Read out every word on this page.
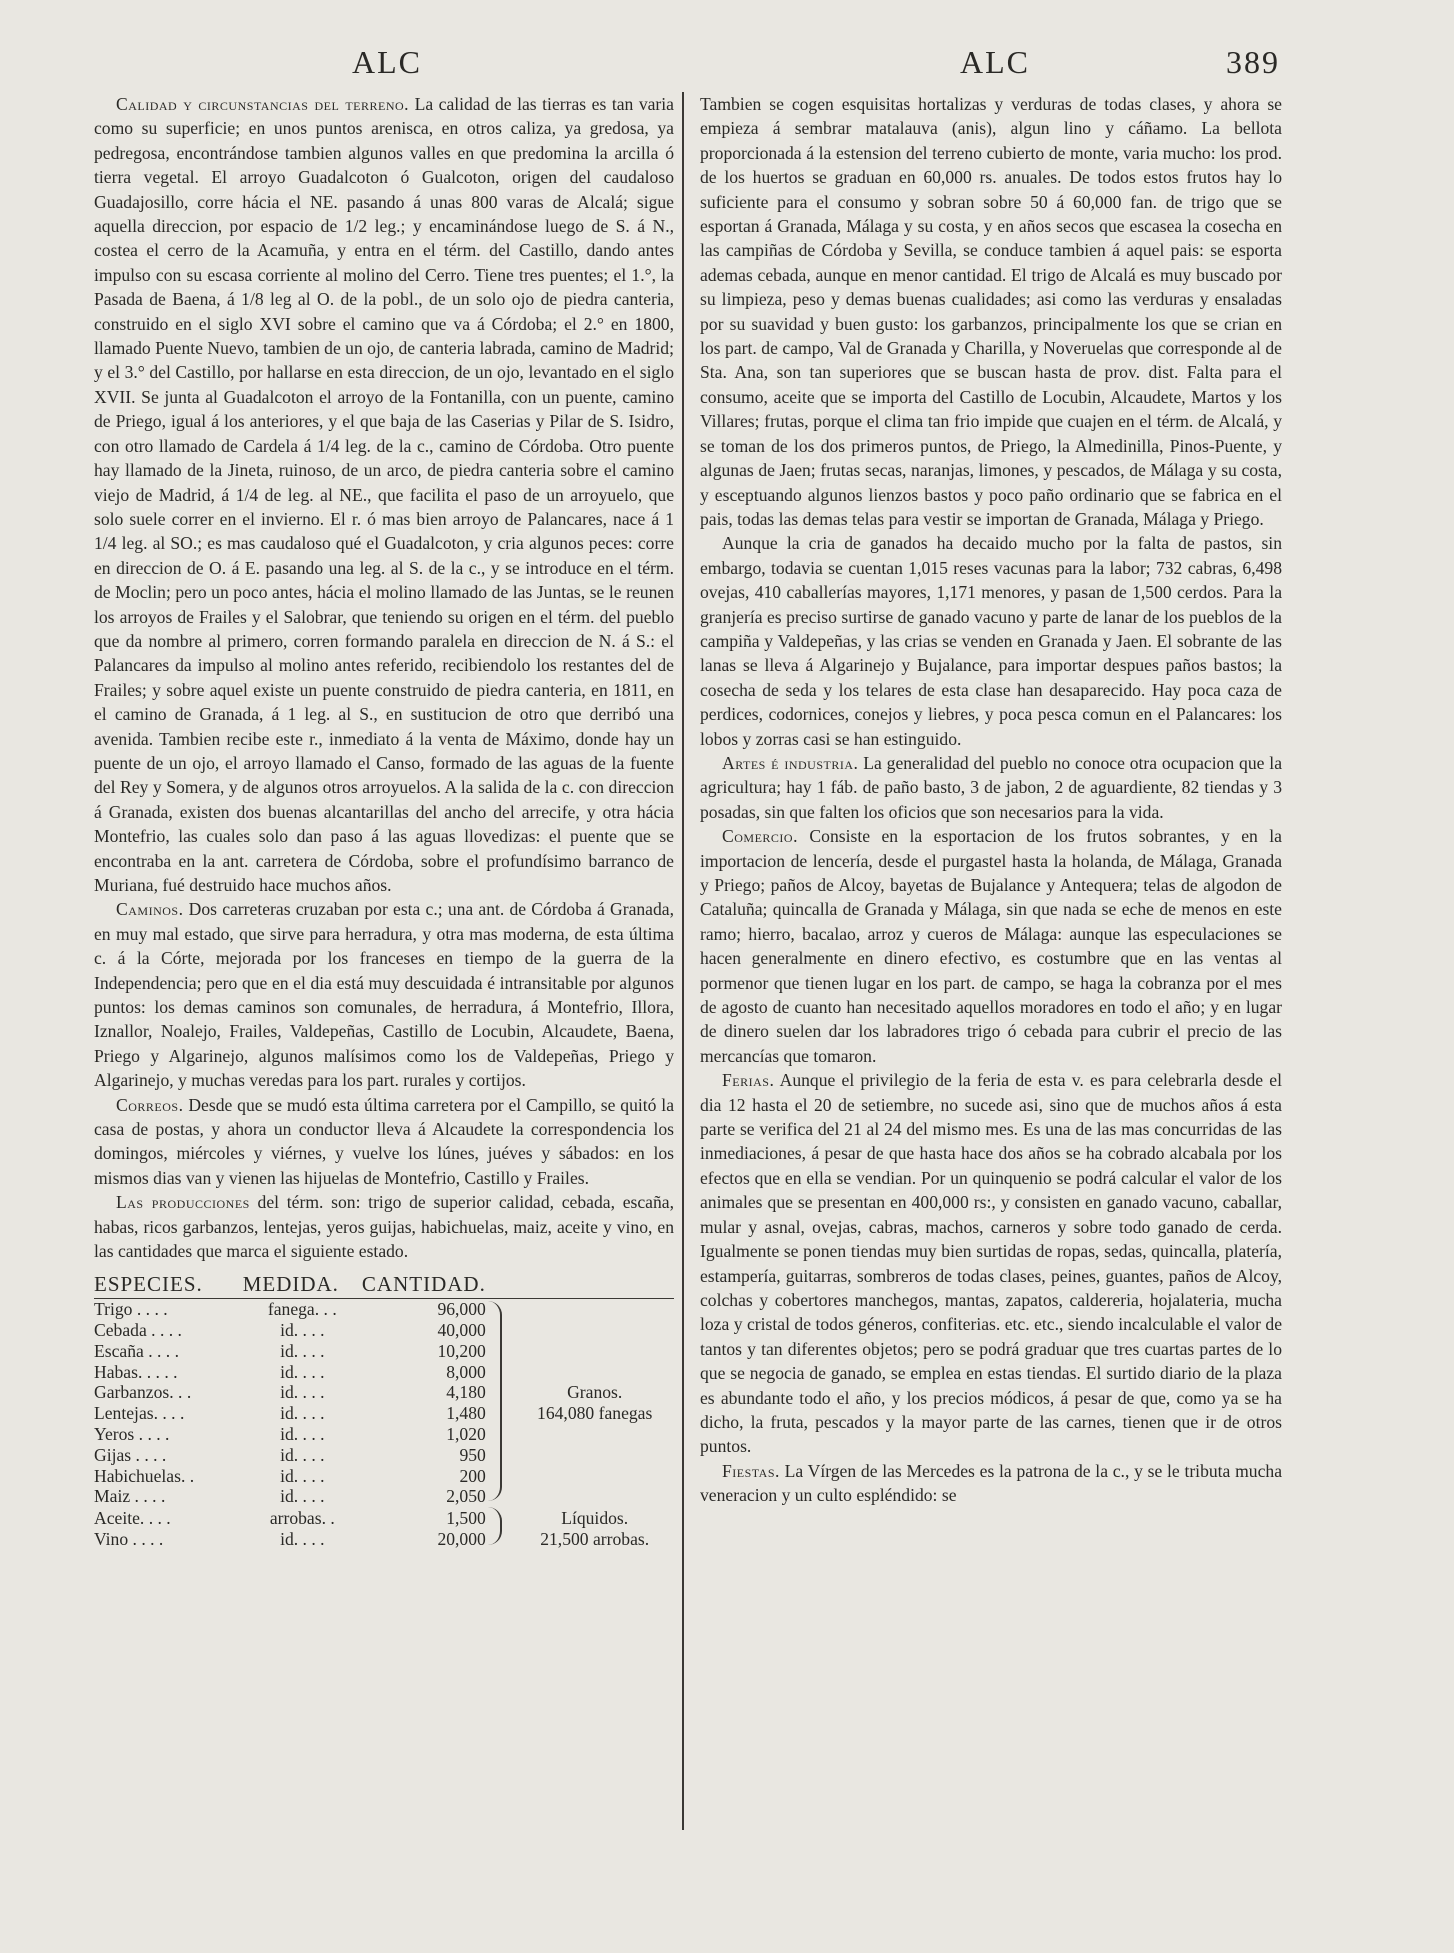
ALC	ALC	389

Calidad y circunstancias del terreno. La calidad de las tierras es tan varia como su superficie; en unos puntos arenisca, en otros caliza, ya gredosa, ya pedregosa, encontrándose tambien algunos valles en que predomina la arcilla ó tierra vegetal. El arroyo Guadalcoton ó Gualcoton, origen del caudaloso Guadajosillo, corre hácia el NE. pasando á unas 800 varas de Alcalá; sigue aquella direccion, por espacio de 1/2 leg.; y encaminándose luego de S. á N., costea el cerro de la Acamuña, y entra en el térm. del Castillo, dando antes impulso con su escasa corriente al molino del Cerro. Tiene tres puentes; el 1.°, la Pasada de Baena, á 1/8 leg al O. de la pobl., de un solo ojo de piedra canteria, construido en el siglo XVI sobre el camino que va á Córdoba; el 2.° en 1800, llamado Puente Nuevo, tambien de un ojo, de canteria labrada, camino de Madrid; y el 3.° del Castillo, por hallarse en esta direccion, de un ojo, levantado en el siglo XVII. Se junta al Guadalcoton el arroyo de la Fontanilla, con un puente, camino de Priego, igual á los anteriores, y el que baja de las Caserias y Pilar de S. Isidro, con otro llamado de Cardela á 1/4 leg. de la c., camino de Córdoba. Otro puente hay llamado de la Jineta, ruinoso, de un arco, de piedra canteria sobre el camino viejo de Madrid, á 1/4 de leg. al NE., que facilita el paso de un arroyuelo, que solo suele correr en el invierno. El r. ó mas bien arroyo de Palancares, nace á 1 1/4 leg. al SO.; es mas caudaloso qué el Guadalcoton, y cria algunos peces: corre en direccion de O. á E. pasando una leg. al S. de la c., y se introduce en el térm. de Moclin; pero un poco antes, hácia el molino llamado de las Juntas, se le reunen los arroyos de Frailes y el Salobrar, que teniendo su origen en el térm. del pueblo que da nombre al primero, corren formando paralela en direccion de N. á S.: el Palancares da impulso al molino antes referido, recibiendolo los restantes del de Frailes; y sobre aquel existe un puente construido de piedra canteria, en 1811, en el camino de Granada, á 1 leg. al S., en sustitucion de otro que derribó una avenida. Tambien recibe este r., inmediato á la venta de Máximo, donde hay un puente de un ojo, el arroyo llamado el Canso, formado de las aguas de la fuente del Rey y Somera, y de algunos otros arroyuelos. A la salida de la c. con direccion á Granada, existen dos buenas alcantarillas del ancho del arrecife, y otra hácia Montefrio, las cuales solo dan paso á las aguas llovedizas: el puente que se encontraba en la ant. carretera de Córdoba, sobre el profundísimo barranco de Muriana, fué destruido hace muchos años.

Caminos. Dos carreteras cruzaban por esta c.; una ant. de Córdoba á Granada, en muy mal estado, que sirve para herradura, y otra mas moderna, de esta última c. á la Córte, mejorada por los franceses en tiempo de la guerra de la Independencia; pero que en el dia está muy descuidada é intransitable por algunos puntos: los demas caminos son comunales, de herradura, á Montefrio, Illora, Iznallor, Noalejo, Frailes, Valdepeñas, Castillo de Locubin, Alcaudete, Baena, Priego y Algarinejo, algunos malísimos como los de Valdepeñas, Priego y Algarinejo, y muchas veredas para los part. rurales y cortijos.

Correos. Desde que se mudó esta última carretera por el Campillo, se quitó la casa de postas, y ahora un conductor lleva á Alcaudete la correspondencia los domingos, miércoles y viérnes, y vuelve los lúnes, juéves y sábados: en los mismos dias van y vienen las hijuelas de Montefrio, Castillo y Frailes.

Las producciones del térm. son: trigo de superior calidad, cebada, escaña, habas, ricos garbanzos, lentejas, yeros guijas, habichuelas, maiz, aceite y vino, en las cantidades que marca el siguiente estado.

ESPECIES.	MEDIDA.	CANTIDAD.		
Trigo . . . .	fanega. . .	96,000		Granos.
164,080 fanegas

Cebada . . . .	id. . . .	40,000		
Escaña . . . .	id. . . .	10,200		
Habas. . . . .	id. . . .	8,000		
Garbanzos. . .	id. . . .	4,180		
Lentejas. . . .	id. . . .	1,480		
Yeros . . . .	id. . . .	1,020		
Gijas . . . .	id. . . .	950		
Habichuelas. .	id. . . .	200		
Maiz . . . .	id. . . .	2,050		
Aceite. . . .	arrobas. .	1,500		Líquidos.
21,500 arrobas.

Vino . . . .	id. . . .	20,000		

Tambien se cogen esquisitas hortalizas y verduras de todas clases, y ahora se empieza á sembrar matalauva (anis), algun lino y cáñamo. La bellota proporcionada á la estension del terreno cubierto de monte, varia mucho: los prod. de los huertos se graduan en 60,000 rs. anuales. De todos estos frutos hay lo suficiente para el consumo y sobran sobre 50 á 60,000 fan. de trigo que se esportan á Granada, Málaga y su costa, y en años secos que escasea la cosecha en las campiñas de Córdoba y Sevilla, se conduce tambien á aquel pais: se esporta ademas cebada, aunque en menor cantidad. El trigo de Alcalá es muy buscado por su limpieza, peso y demas buenas cualidades; asi como las verduras y ensaladas por su suavidad y buen gusto: los garbanzos, principalmente los que se crian en los part. de campo, Val de Granada y Charilla, y Noveruelas que corresponde al de Sta. Ana, son tan superiores que se buscan hasta de prov. dist. Falta para el consumo, aceite que se importa del Castillo de Locubin, Alcaudete, Martos y los Villares; frutas, porque el clima tan frio impide que cuajen en el térm. de Alcalá, y se toman de los dos primeros puntos, de Priego, la Almedinilla, Pinos-Puente, y algunas de Jaen; frutas secas, naranjas, limones, y pescados, de Málaga y su costa, y esceptuando algunos lienzos bastos y poco paño ordinario que se fabrica en el pais, todas las demas telas para vestir se importan de Granada, Málaga y Priego.

Aunque la cria de ganados ha decaido mucho por la falta de pastos, sin embargo, todavia se cuentan 1,015 reses vacunas para la labor; 732 cabras, 6,498 ovejas, 410 caballerías mayores, 1,171 menores, y pasan de 1,500 cerdos. Para la granjería es preciso surtirse de ganado vacuno y parte de lanar de los pueblos de la campiña y Valdepeñas, y las crias se venden en Granada y Jaen. El sobrante de las lanas se lleva á Algarinejo y Bujalance, para importar despues paños bastos; la cosecha de seda y los telares de esta clase han desaparecido. Hay poca caza de perdices, codornices, conejos y liebres, y poca pesca comun en el Palancares: los lobos y zorras casi se han estinguido.

Artes é industria. La generalidad del pueblo no conoce otra ocupacion que la agricultura; hay 1 fáb. de paño basto, 3 de jabon, 2 de aguardiente, 82 tiendas y 3 posadas, sin que falten los oficios que son necesarios para la vida.

Comercio. Consiste en la esportacion de los frutos sobrantes, y en la importacion de lencería, desde el purgastel hasta la holanda, de Málaga, Granada y Priego; paños de Alcoy, bayetas de Bujalance y Antequera; telas de algodon de Cataluña; quincalla de Granada y Málaga, sin que nada se eche de menos en este ramo; hierro, bacalao, arroz y cueros de Málaga: aunque las especulaciones se hacen generalmente en dinero efectivo, es costumbre que en las ventas al pormenor que tienen lugar en los part. de campo, se haga la cobranza por el mes de agosto de cuanto han necesitado aquellos moradores en todo el año; y en lugar de dinero suelen dar los labradores trigo ó cebada para cubrir el precio de las mercancías que tomaron.

Ferias. Aunque el privilegio de la feria de esta v. es para celebrarla desde el dia 12 hasta el 20 de setiembre, no sucede asi, sino que de muchos años á esta parte se verifica del 21 al 24 del mismo mes. Es una de las mas concurridas de las inmediaciones, á pesar de que hasta hace dos años se ha cobrado alcabala por los efectos que en ella se vendian. Por un quinquenio se podrá calcular el valor de los animales que se presentan en 400,000 rs:, y consisten en ganado vacuno, caballar, mular y asnal, ovejas, cabras, machos, carneros y sobre todo ganado de cerda. Igualmente se ponen tiendas muy bien surtidas de ropas, sedas, quincalla, platería, estampería, guitarras, sombreros de todas clases, peines, guantes, paños de Alcoy, colchas y cobertores manchegos, mantas, zapatos, caldereria, hojalateria, mucha loza y cristal de todos géneros, confiterias. etc. etc., siendo incalculable el valor de tantos y tan diferentes objetos; pero se podrá graduar que tres cuartas partes de lo que se negocia de ganado, se emplea en estas tiendas. El surtido diario de la plaza es abundante todo el año, y los precios módicos, á pesar de que, como ya se ha dicho, la fruta, pescados y la mayor parte de las carnes, tienen que ir de otros puntos.

Fiestas. La Vírgen de las Mercedes es la patrona de la c., y se le tributa mucha veneracion y un culto espléndido: se
